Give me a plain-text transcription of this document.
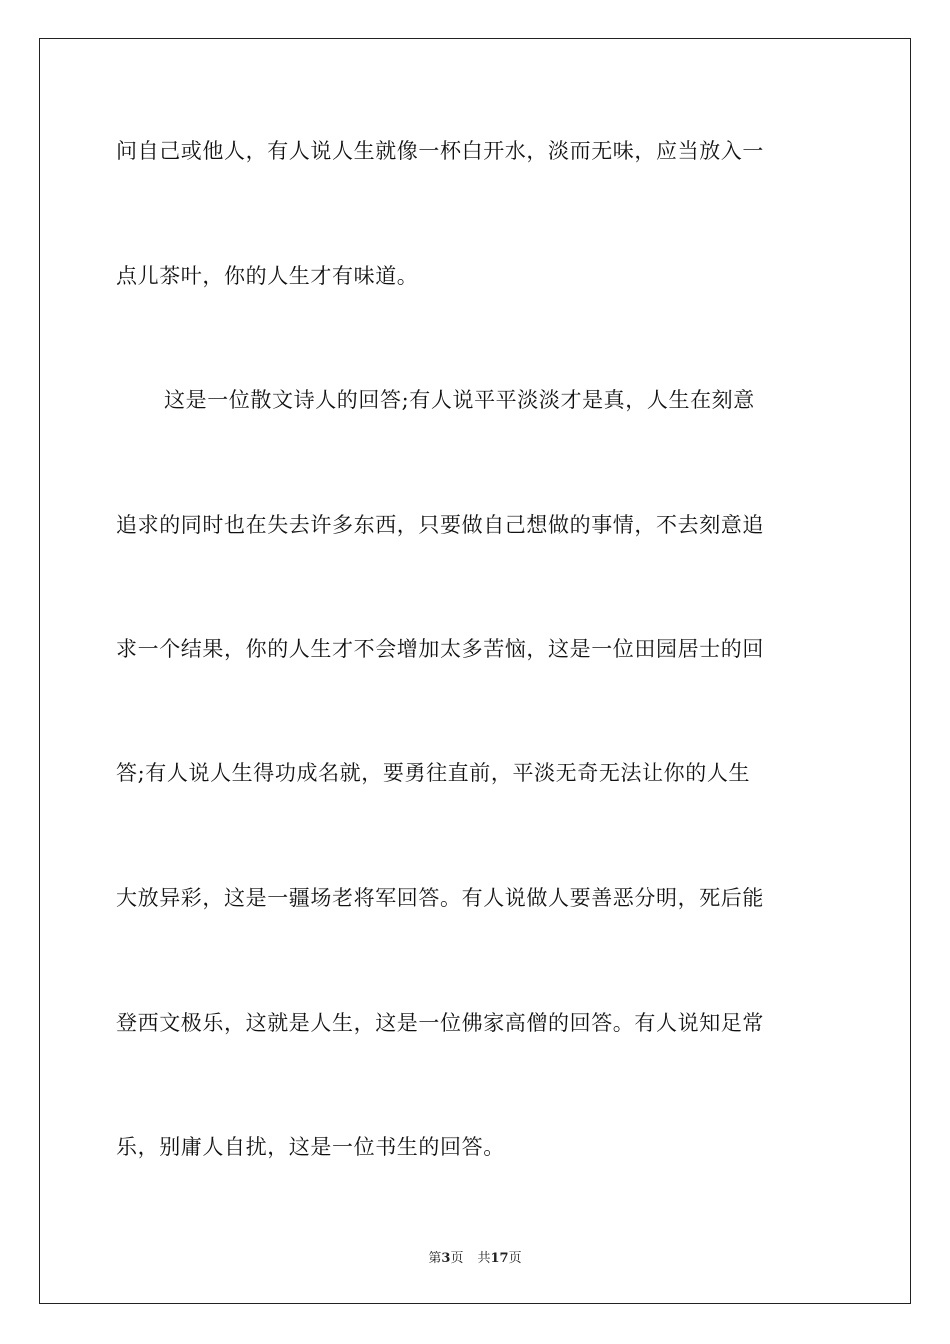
问自己或他人，有人说人生就像一杯白开水，淡而无味，应当放入一
点儿茶叶，你的人生才有味道。
这是一位散文诗人的回答;有人说平平淡淡才是真，人生在刻意
追求的同时也在失去许多东西，只要做自己想做的事情，不去刻意追
求一个结果，你的人生才不会增加太多苦恼，这是一位田园居士的回
答;有人说人生得功成名就，要勇往直前，平淡无奇无法让你的人生
大放异彩，这是一疆场老将军回答。有人说做人要善恶分明，死后能
登西文极乐，这就是人生，这是一位佛家高僧的回答。有人说知足常
乐，别庸人自扰，这是一位书生的回答。
第3页 共17页
